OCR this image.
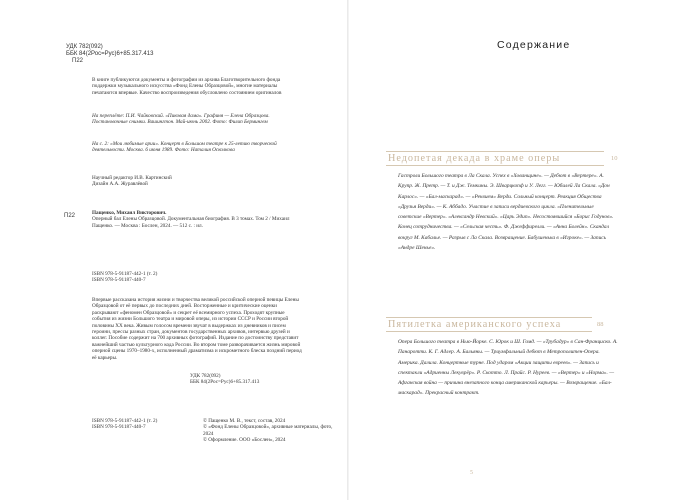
УДК 782(092)
ББК 84(2Рос=Рус)6+85.317.413
П22
В книге публикуются документы и фотографии из архива Благотворительного фонда поддержки музыкального искусства «Фонд Елены Образцовой», многие материалы печатаются впервые. Качество воспроизведения обусловлено состоянием оригиналов
На переплёте: П.И. Чайковский. «Пиковая дама». Графиня — Елена Образцова. Постановочные снимки. Вашингтон. Май-июнь 2002. Фото: Филип Бермингем
На с. 2: «Мои любимые арии». Концерт в Большом театре к 25-летию творческой деятельности. Москва. 6 июня 1989. Фото: Наталия Осколкова
Научный редактор И.В. Картинский
Дизайн А.А. Журавлёвой
П22	Пащенко, Михаил Викторович.
Оперный бал Елены Образцовой. Документальная биография. В 3 томах. Том 2 / Михаил Пащенко. — Москва : Бослен, 2024. — 512 с. : ил.
ISBN 978-5-91187-442-1 (т. 2)
ISBN 978-5-91187-440-7
Впервые рассказана история жизни и творчества великой российской оперной певицы Елены Образцовой от её первых до последних дней. Восторженные и критические оценки раскрывают «феномен Образцовой» и секрет её всемирного успеха. Проходят крупные события из жизни Большого театра и мировой оперы, из истории СССР и России второй половины XX века. Живым голосом времени звучат в выдержках из дневников и писем героини, прессы разных стран, документов государственных архивов, интервью друзей и коллег. Пособие содержит на 700 архивных фотографий. Издание по достоинству представит важнейший частью культурного кода России. Во втором томе разворачивается жизнь мировой оперной сцены 1970–1980-х, исполненный драматизма и искрометного блеска поздний период её карьеры.
УДК 782(092)
ББК 84(2Рос=Рус)6+85.317.413
ISBN 978-5-91187-442-1 (т. 2)
ISBN 978-5-91187-440-7
© Пащенко М. В., текст, состав, 2024
© «Фонд Елены Образцовой», архивные материалы, фото, 2024
© Оформление. ООО «Бослен», 2024
Содержание
Недопетая декада в храме оперы	10
Гастроли Большого театра в Ла Скала. Успех в «Хованщине». — Дебют в «Вертере». А. Крупр. Ж. Претр. — Т. и Дж. Темкины. Э. Шварцкопф и У. Легг. — Юбилей Ла Скала. «Дон Карлос». — «Бал-маскарад». — «Реквием» Верди. Сольный концерт. Реакция Общества «Друзья Верди». — К. Аббадо. Участие в записи вердиевского цикла. «Пленительные советские «Вертер». «Александр Невский». «Царь Эдип». Несостоявшийся «Борис Годунов». Конец сотрудничества. — «Сельская честь». Ф. Джеффирелли. — «Анна Болейн». Скандал вокруг М. Кабалье. — Разрыв с Ла Скала. Возвращение. Бабушенька в «Игроке». — Запись «Андре Шенье».
Пятилетка американского успеха	88
Опера Большого театра в Нью-Йорке. С. Юрок и Ш. Гомд. — «Трубадур» в Сан-Франциско. А. Панаротти. К. Г. Адлер. А. Бальяны. — Триумфальный дебют в Метрополитен-Опера. Америка. Далила. Концертные турне. Под ударом «Акции защиты евреев». — Запись и спектакли «Адриенны Лекуврёр». Р. Скотто. Л. Прайс. Р. Нуреев. — «Вертер» и «Норма». — Афганская война — причина внезапного конца американской карьеры. — Возвращение. «Бал-маскарад». Прекрасный контракт.
5
